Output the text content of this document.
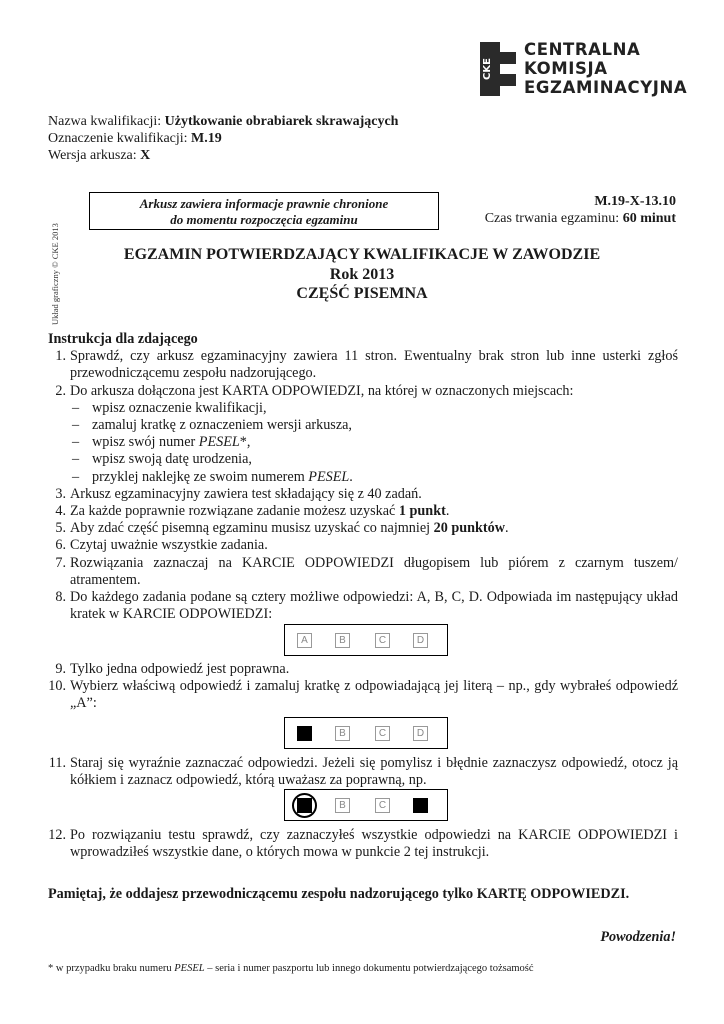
CKE
CENTRALNA
KOMISJA
EGZAMINACYJNA
Nazwa kwalifikacji: Użytkowanie obrabiarek skrawających
Oznaczenie kwalifikacji: M.19
Wersja arkusza: X
Układ graficzny © CKE 2013
Arkusz zawiera informacje prawnie chronione
do momentu rozpoczęcia egzaminu
M.19-X-13.10
Czas trwania egzaminu: 60 minut
EGZAMIN POTWIERDZAJĄCY KWALIFIKACJE W ZAWODZIE
Rok 2013
CZĘŚĆ PISEMNA
Instrukcja dla zdającego
1. Sprawdź, czy arkusz egzaminacyjny zawiera 11 stron. Ewentualny brak stron lub inne usterki zgłoś przewodniczącemu zespołu nadzorującego.
2. Do arkusza dołączona jest KARTA ODPOWIEDZI, na której w oznaczonych miejscach:
– wpisz oznaczenie kwalifikacji,
– zamaluj kratkę z oznaczeniem wersji arkusza,
– wpisz swój numer PESEL*,
– wpisz swoją datę urodzenia,
– przyklej naklejkę ze swoim numerem PESEL.
3. Arkusz egzaminacyjny zawiera test składający się z 40 zadań.
4. Za każde poprawnie rozwiązane zadanie możesz uzyskać 1 punkt.
5. Aby zdać część pisemną egzaminu musisz uzyskać co najmniej 20 punktów.
6. Czytaj uważnie wszystkie zadania.
7. Rozwiązania zaznaczaj na KARCIE ODPOWIEDZI długopisem lub piórem z czarnym tuszem/ atramentem.
8. Do każdego zadania podane są cztery możliwe odpowiedzi: A, B, C, D. Odpowiada im następujący układ kratek w KARCIE ODPOWIEDZI:
A	B	C	D
9. Tylko jedna odpowiedź jest poprawna.
10. Wybierz właściwą odpowiedź i zamaluj kratkę z odpowiadającą jej literą – np., gdy wybrałeś odpowiedź „A”:
B	C	D
11. Staraj się wyraźnie zaznaczać odpowiedzi. Jeżeli się pomylisz i błędnie zaznaczysz odpowiedź, otocz ją kółkiem i zaznacz odpowiedź, którą uważasz za poprawną, np.
B	C
12. Po rozwiązaniu testu sprawdź, czy zaznaczyłeś wszystkie odpowiedzi na KARCIE ODPOWIEDZI i wprowadziłeś wszystkie dane, o których mowa w punkcie 2 tej instrukcji.
Pamiętaj, że oddajesz przewodniczącemu zespołu nadzorującego tylko KARTĘ ODPOWIEDZI.
Powodzenia!
* w przypadku braku numeru PESEL – seria i numer paszportu lub innego dokumentu potwierdzającego tożsamość
